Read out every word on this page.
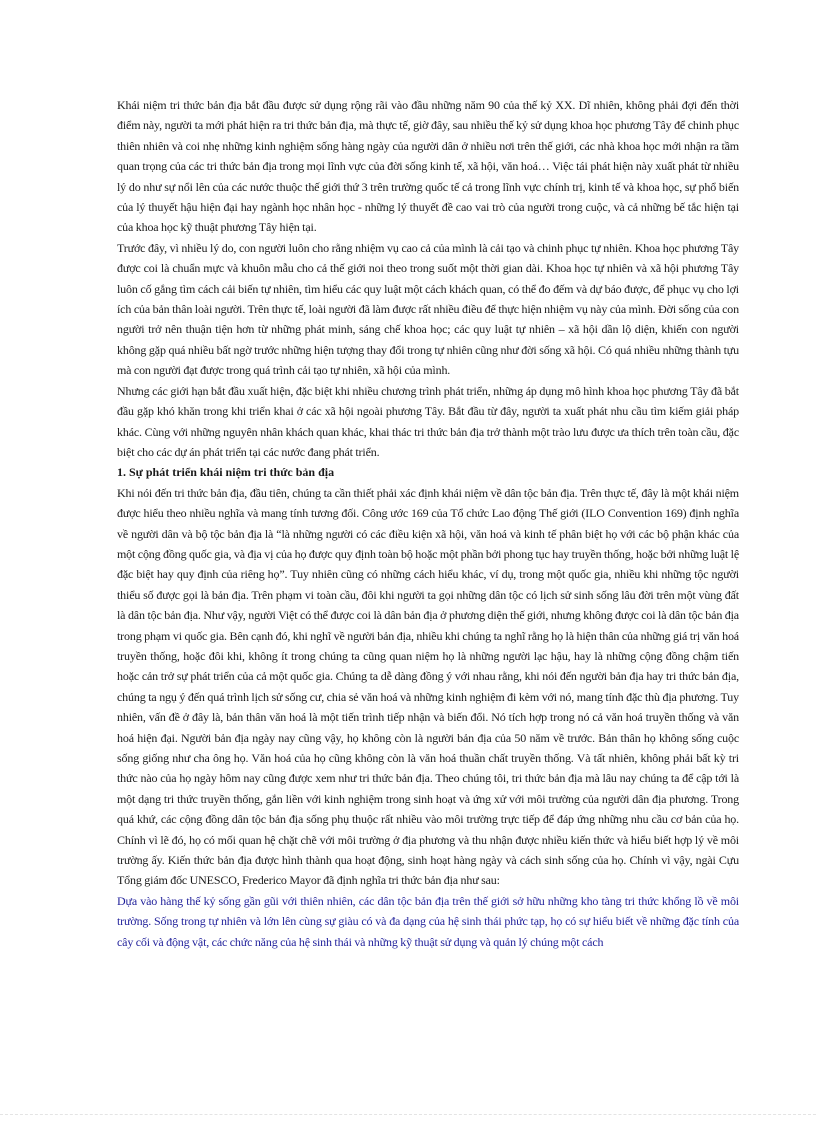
Khái niệm tri thức bản địa bắt đầu được sử dụng rộng rãi vào đầu những năm 90 của thế kỷ XX. Dĩ nhiên, không phải đợi đến thời điểm này, người ta mới phát hiện ra tri thức bản địa, mà thực tế, giờ đây, sau nhiều thế kỷ sử dụng khoa học phương Tây để chinh phục thiên nhiên và coi nhẹ những kinh nghiệm sống hàng ngày của người dân ở nhiều nơi trên thế giới, các nhà khoa học mới nhận ra tầm quan trọng của các tri thức bản địa trong mọi lĩnh vực của đời sống kinh tế, xã hội, văn hoá… Việc tái phát hiện này xuất phát từ nhiều lý do như sự nổi lên của các nước thuộc thế giới thứ 3 trên trường quốc tế cả trong lĩnh vực chính trị, kinh tế và khoa học, sự phổ biến của lý thuyết hậu hiện đại hay ngành học nhân học - những lý thuyết đề cao vai trò của người trong cuộc, và cả những bế tắc hiện tại của khoa học kỹ thuật phương Tây hiện tại.

Trước đây, vì nhiều lý do, con người luôn cho rằng nhiệm vụ cao cả của mình là cải tạo và chinh phục tự nhiên. Khoa học phương Tây được coi là chuẩn mực và khuôn mẫu cho cả thế giới noi theo trong suốt một thời gian dài. Khoa học tự nhiên và xã hội phương Tây luôn cố gắng tìm cách cải biến tự nhiên, tìm hiểu các quy luật một cách khách quan, có thể đo đếm và dự báo được, để phục vụ cho lợi ích của bản thân loài người. Trên thực tế, loài người đã làm được rất nhiều điều để thực hiện nhiệm vụ này của mình. Đời sống của con người trở nên thuận tiện hơn từ những phát minh, sáng chế khoa học; các quy luật tự nhiên – xã hội dần lộ diện, khiến con người không gặp quá nhiều bất ngờ trước những hiện tượng thay đổi trong tự nhiên cũng như đời sống xã hội. Có quá nhiều những thành tựu mà con người đạt được trong quá trình cải tạo tự nhiên, xã hội của mình.

Nhưng các giới hạn bắt đầu xuất hiện, đặc biệt khi nhiều chương trình phát triển, những áp dụng mô hình khoa học phương Tây đã bắt đầu gặp khó khăn trong khi triển khai ở các xã hội ngoài phương Tây. Bắt đầu từ đây, người ta xuất phát nhu cầu tìm kiếm giải pháp khác. Cùng với những nguyên nhân khách quan khác, khai thác tri thức bản địa trở thành một trào lưu được ưa thích trên toàn cầu, đặc biệt cho các dự án phát triển tại các nước đang phát triển.

1. Sự phát triển khái niệm tri thức bản địa

Khi nói đến tri thức bản địa, đầu tiên, chúng ta cần thiết phải xác định khái niệm về dân tộc bản địa. Trên thực tế, đây là một khái niệm được hiểu theo nhiều nghĩa và mang tính tương đối. Công ước 169 của Tổ chức Lao động Thế giới (ILO Convention 169) định nghĩa về người dân và bộ tộc bản địa là “là những người có các điều kiện xã hội, văn hoá và kinh tế phân biệt họ với các bộ phận khác của một cộng đồng quốc gia, và địa vị của họ được quy định toàn bộ hoặc một phần bởi phong tục hay truyền thống, hoặc bởi những luật lệ đặc biệt hay quy định của riêng họ”. Tuy nhiên cũng có những cách hiểu khác, ví dụ, trong một quốc gia, nhiều khi những tộc người thiểu số được gọi là bản địa. Trên phạm vi toàn cầu, đôi khi người ta gọi những dân tộc có lịch sử sinh sống lâu đời trên một vùng đất là dân tộc bản địa. Như vậy, người Việt có thể được coi là dân bản địa ở phương diện thế giới, nhưng không được coi là dân tộc bản địa trong phạm vi quốc gia. Bên cạnh đó, khi nghĩ về người bản địa, nhiều khi chúng ta nghĩ rằng họ là hiện thân của những giá trị văn hoá truyền thống, hoặc đôi khi, không ít trong chúng ta cũng quan niệm họ là những người lạc hậu, hay là những cộng đồng chậm tiến hoặc cản trở sự phát triển của cả một quốc gia. Chúng ta dễ dàng đồng ý với nhau rằng, khi nói đến người bản địa hay tri thức bản địa, chúng ta ngụ ý đến quá trình lịch sử sống cư, chia sẻ văn hoá và những kinh nghiệm đi kèm với nó, mang tính đặc thù địa phương. Tuy nhiên, vấn đề ở đây là, bản thân văn hoá là một tiến trình tiếp nhận và biến đổi. Nó tích hợp trong nó cả văn hoá truyền thống và văn hoá hiện đại. Người bản địa ngày nay cũng vậy, họ không còn là người bản địa của 50 năm về trước. Bản thân họ không sống cuộc sống giống như cha ông họ. Văn hoá của họ cũng không còn là văn hoá thuần chất truyền thống. Và tất nhiên, không phải bất kỳ tri thức nào của họ ngày hôm nay cũng được xem như tri thức bản địa. Theo chúng tôi, tri thức bản địa mà lâu nay chúng ta để cập tới là một dạng tri thức truyền thống, gắn liền với kinh nghiệm trong sinh hoạt và ứng xử với môi trường của người dân địa phương. Trong quá khứ, các cộng đồng dân tộc bản địa sống phụ thuộc rất nhiều vào môi trường trực tiếp để đáp ứng những nhu cầu cơ bản của họ. Chính vì lẽ đó, họ có mối quan hệ chặt chẽ với môi trường ở địa phương và thu nhận được nhiều kiến thức và hiểu biết hợp lý về môi trường ấy. Kiến thức bản địa được hình thành qua hoạt động, sinh hoạt hàng ngày và cách sinh sống của họ. Chính vì vậy, ngài Cựu Tổng giám đốc UNESCO, Frederico Mayor đã định nghĩa tri thức bản địa như sau:

Dựa vào hàng thế kỷ sống gần gũi với thiên nhiên, các dân tộc bản địa trên thế giới sở hữu những kho tàng tri thức khổng lồ về môi trường. Sống trong tự nhiên và lớn lên cùng sự giàu có và đa dạng của hệ sinh thái phức tạp, họ có sự hiểu biết về những đặc tính của cây cối và động vật, các chức năng của hệ sinh thái và những kỹ thuật sử dụng và quản lý chúng một cách
